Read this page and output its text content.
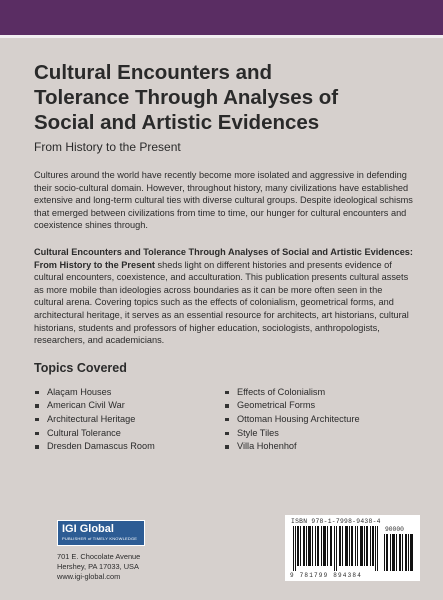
Cultural Encounters and
Tolerance Through Analyses of
Social and Artistic Evidences

From History to the Present

Cultures around the world have recently become more isolated and aggressive in defending their socio-cultural domain. However, throughout history, many civilizations have established extensive and long-term cultural ties with diverse cultural groups. Despite ideological schisms that emerged between civilizations from time to time, our hunger for cultural encounters and coexistence shines through.

Cultural Encounters and Tolerance Through Analyses of Social and Artistic Evidences: From History to the Present sheds light on different histories and presents evidence of cultural encounters, coexistence, and acculturation. This publication presents cultural assets as more mobile than ideologies across boundaries as it can be more often seen in the cultural arena. Covering topics such as the effects of colonialism, geometrical forms, and architectural heritage, it serves as an essential resource for architects, art historians, cultural historians, students and professors of higher education, sociologists, anthropologists, researchers, and academicians.

Topics Covered
Alaçam Houses
American Civil War
Architectural Heritage
Cultural Tolerance
Dresden Damascus Room
Effects of Colonialism
Geometrical Forms
Ottoman Housing Architecture
Style Tiles
Villa Hohenhof
IGI Global
PUBLISHER of TIMELY KNOWLEDGE
701 E. Chocolate Avenue
Hershey, PA 17033, USA
www.igi-global.com
ISBN 978-1-7998-9438-4
90000
9 781799 894384
